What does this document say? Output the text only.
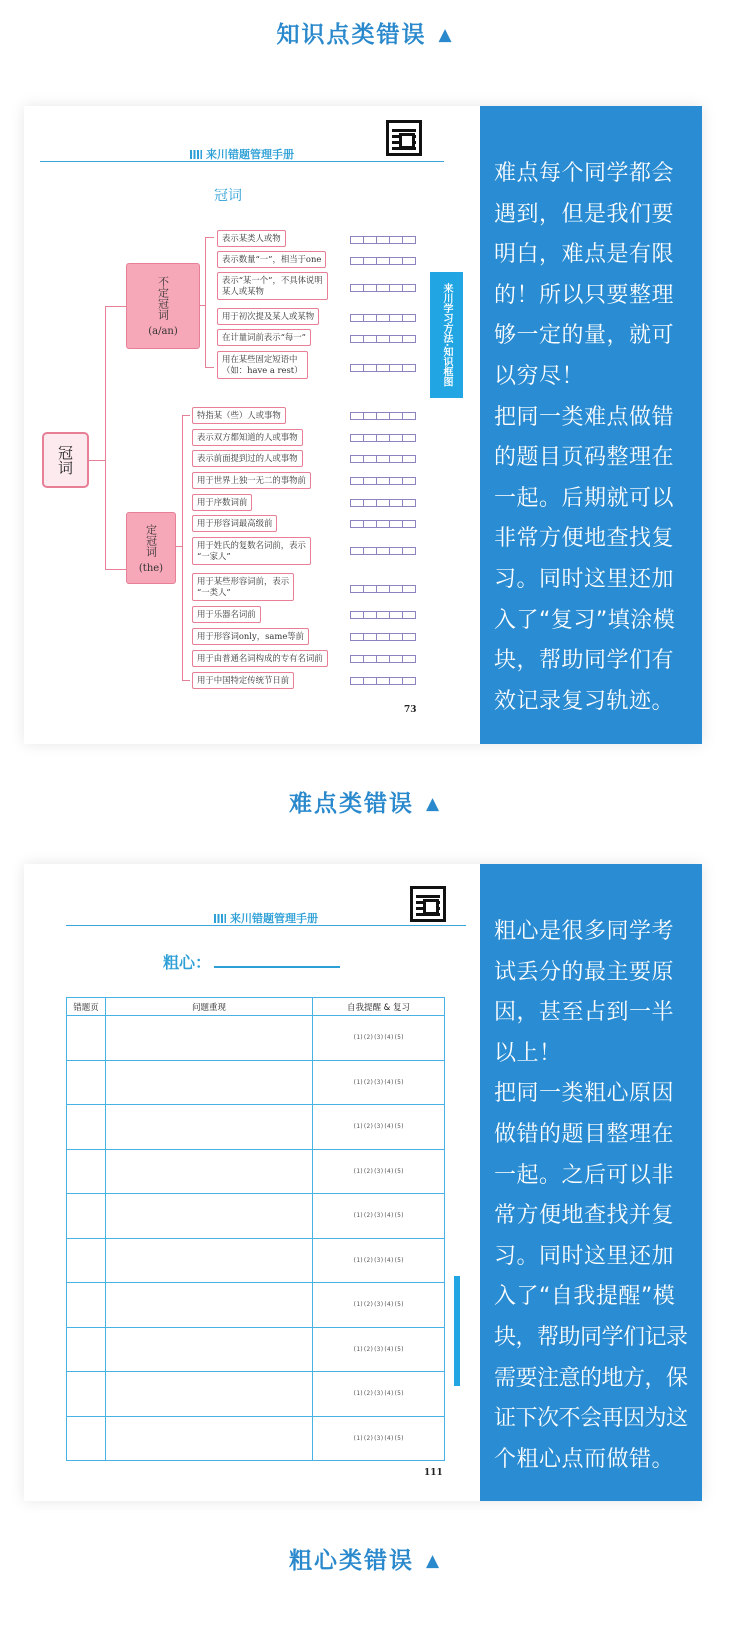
知识点类错误 ▲
来川错题管理手册
冠词
冠词
不定冠词
(a/an)
定冠词
(the)
表示某类人或物
表示数量“一”，相当于one
表示“某一个”，不具体说明
某人或某物
用于初次提及某人或某物
在计量词前表示“每一”
用在某些固定短语中
（如：have a rest）
特指某（些）人或事物
表示双方都知道的人或事物
表示前面提到过的人或事物
用于世界上独一无二的事物前
用于序数词前
用于形容词最高级前
用于姓氏的复数名词前，表示
“一家人”
用于某些形容词前，表示
“一类人”
用于乐器名词前
用于形容词only，same等前
用于由普通名词构成的专有名词前
用于中国特定传统节日前
来川学习方法·知识框图
73

难点每个同学都会

遇到，但是我们要

明白，难点是有限

的！所以只要整理

够一定的量，就可

以穷尽！

把同一类难点做错

的题目页码整理在

一起。后期就可以

非常方便地查找复

习。同时这里还加

入了“复习”填涂模

块，帮助同学们有

效记录复习轨迹。

难点类错误 ▲
来川错题管理手册
粗心：
错题页	问题重现	自我提醒 & 复习
		(1)(2)(3)(4)(5)
		(1)(2)(3)(4)(5)
		(1)(2)(3)(4)(5)
		(1)(2)(3)(4)(5)
		(1)(2)(3)(4)(5)
		(1)(2)(3)(4)(5)
		(1)(2)(3)(4)(5)
		(1)(2)(3)(4)(5)
		(1)(2)(3)(4)(5)
		(1)(2)(3)(4)(5)
111

粗心是很多同学考

试丢分的最主要原

因，甚至占到一半

以上！

把同一类粗心原因

做错的题目整理在

一起。之后可以非

常方便地查找并复

习。同时这里还加

入了“自我提醒”模

块，帮助同学们记录

需要注意的地方，保

证下次不会再因为这

个粗心点而做错。

粗心类错误 ▲
